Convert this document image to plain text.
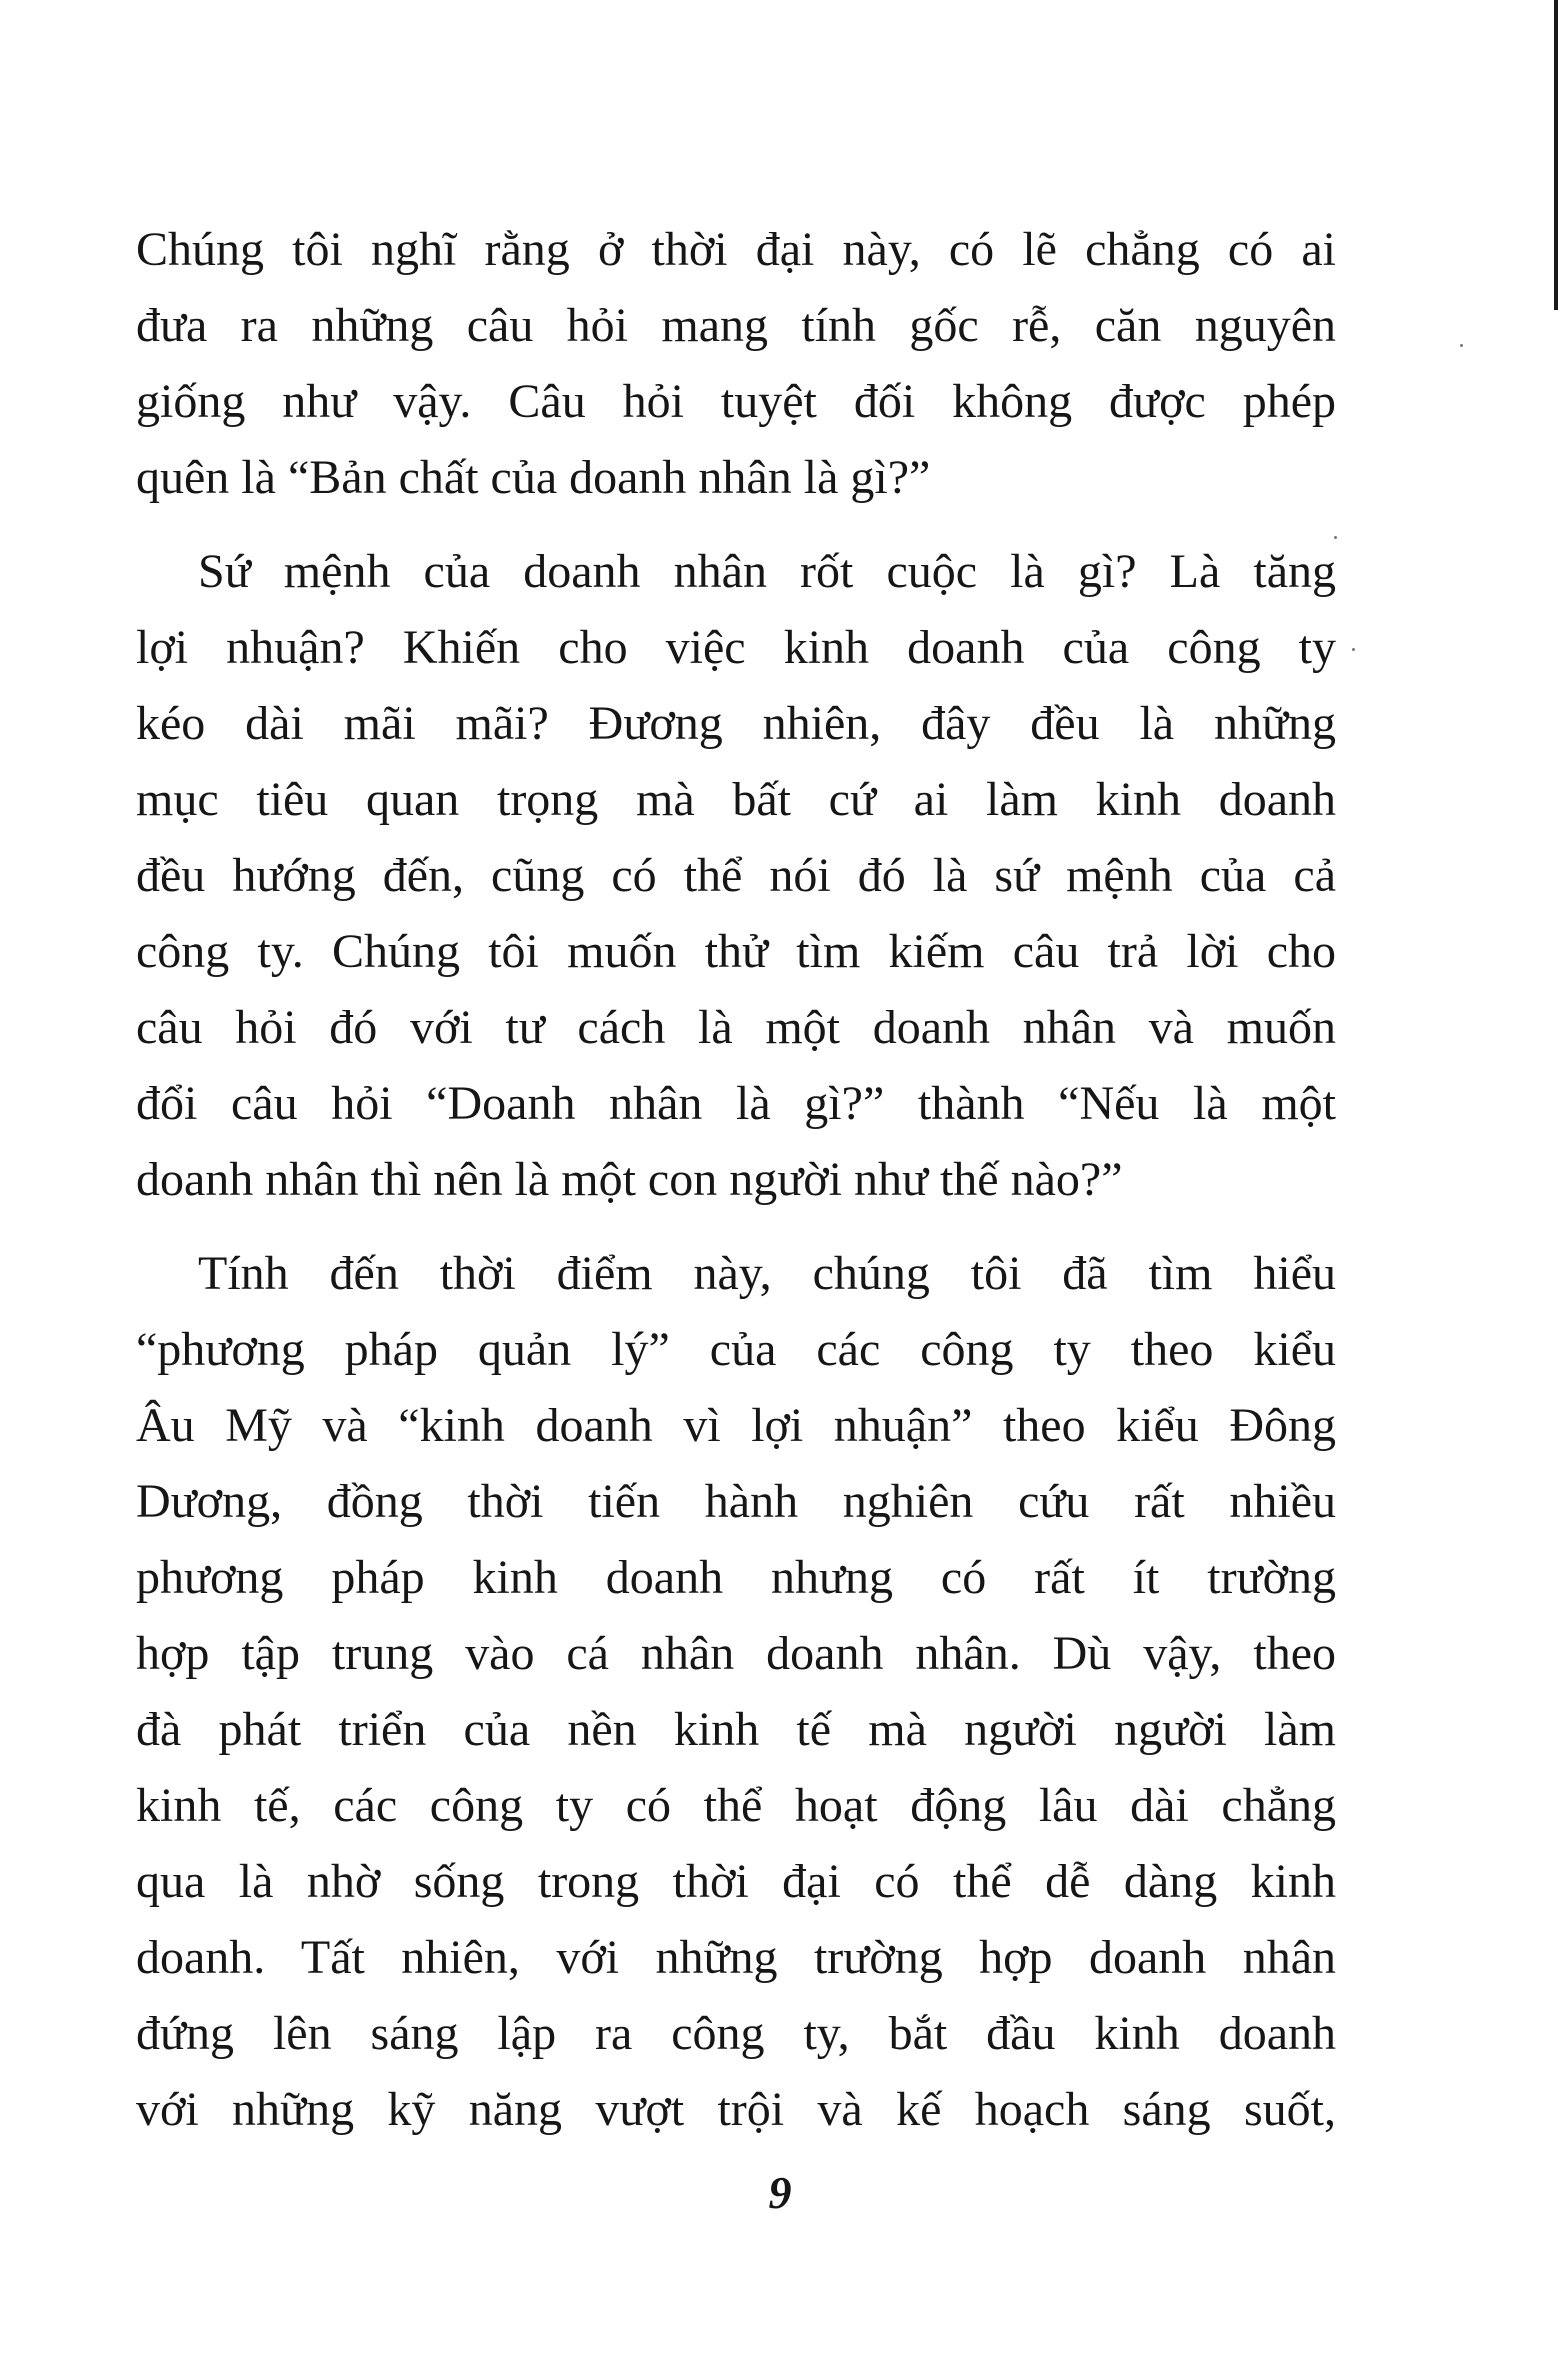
Chúng tôi nghĩ rằng ở thời đại này, có lẽ chẳng có ai
đưa ra những câu hỏi mang tính gốc rễ, căn nguyên
giống như vậy. Câu hỏi tuyệt đối không được phép
quên là “Bản chất của doanh nhân là gì?”

Sứ mệnh của doanh nhân rốt cuộc là gì? Là tăng
lợi nhuận? Khiến cho việc kinh doanh của công ty
kéo dài mãi mãi? Đương nhiên, đây đều là những
mục tiêu quan trọng mà bất cứ ai làm kinh doanh
đều hướng đến, cũng có thể nói đó là sứ mệnh của cả
công ty. Chúng tôi muốn thử tìm kiếm câu trả lời cho
câu hỏi đó với tư cách là một doanh nhân và muốn
đổi câu hỏi “Doanh nhân là gì?” thành “Nếu là một
doanh nhân thì nên là một con người như thế nào?”

Tính đến thời điểm này, chúng tôi đã tìm hiểu
“phương pháp quản lý” của các công ty theo kiểu
Âu Mỹ và “kinh doanh vì lợi nhuận” theo kiểu Đông
Dương, đồng thời tiến hành nghiên cứu rất nhiều
phương pháp kinh doanh nhưng có rất ít trường
hợp tập trung vào cá nhân doanh nhân. Dù vậy, theo
đà phát triển của nền kinh tế mà người người làm
kinh tế, các công ty có thể hoạt động lâu dài chẳng
qua là nhờ sống trong thời đại có thể dễ dàng kinh
doanh. Tất nhiên, với những trường hợp doanh nhân
đứng lên sáng lập ra công ty, bắt đầu kinh doanh
với những kỹ năng vượt trội và kế hoạch sáng suốt,

9
